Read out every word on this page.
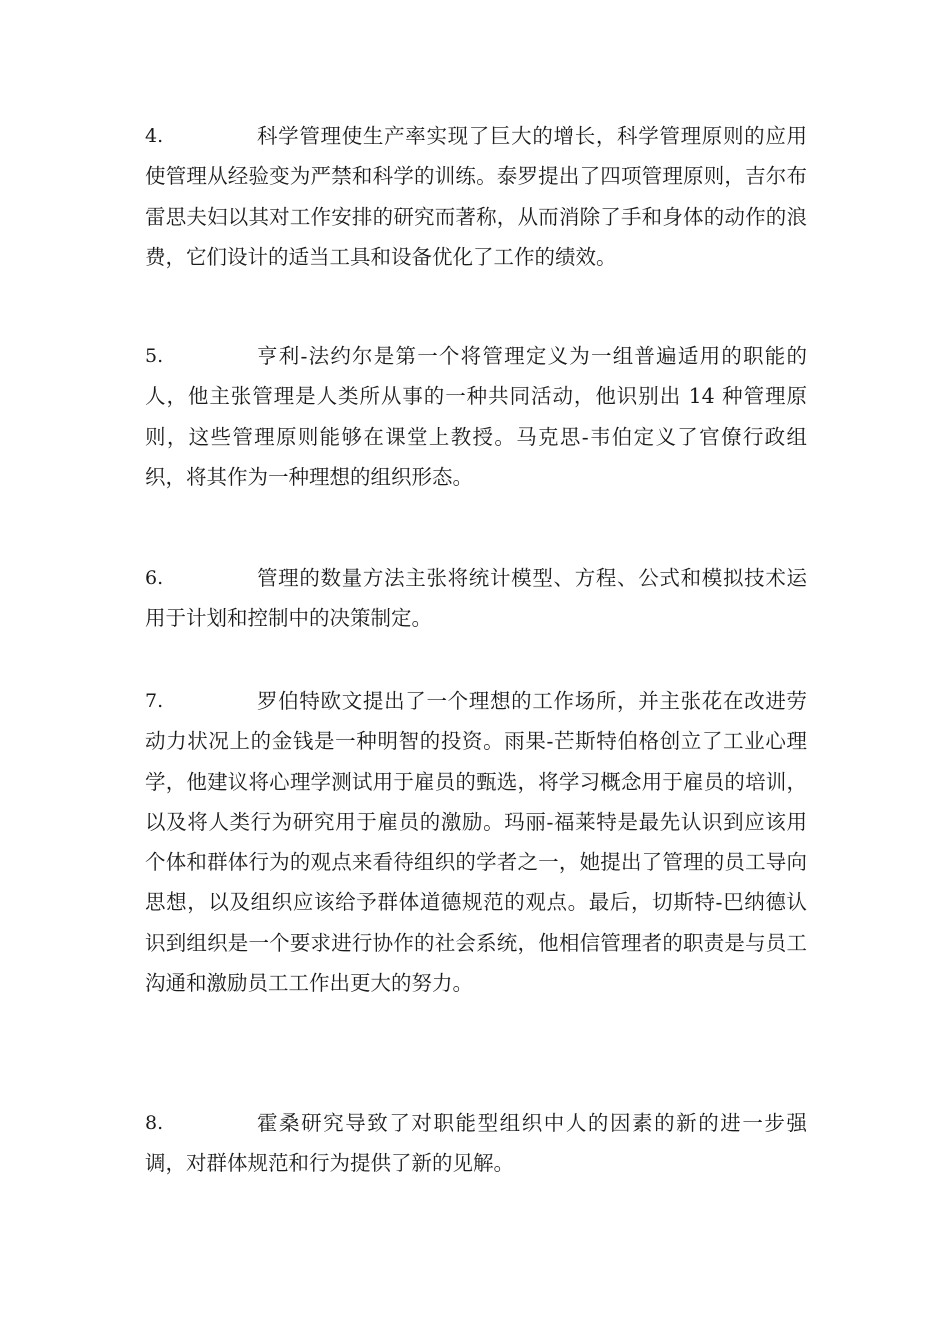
4.	科学管理使生产率实现了巨大的增长，科学管理原则的应用使管理从经验变为严禁和科学的训练。泰罗提出了四项管理原则，吉尔布雷思夫妇以其对工作安排的研究而著称，从而消除了手和身体的动作的浪费，它们设计的适当工具和设备优化了工作的绩效。

5.	亨利-法约尔是第一个将管理定义为一组普遍适用的职能的人，他主张管理是人类所从事的一种共同活动，他识别出 14 种管理原则，这些管理原则能够在课堂上教授。马克思-韦伯定义了官僚行政组织，将其作为一种理想的组织形态。

6.	管理的数量方法主张将统计模型、方程、公式和模拟技术运用于计划和控制中的决策制定。

7.	罗伯特欧文提出了一个理想的工作场所，并主张花在改进劳动力状况上的金钱是一种明智的投资。雨果-芒斯特伯格创立了工业心理学，他建议将心理学测试用于雇员的甄选，将学习概念用于雇员的培训，以及将人类行为研究用于雇员的激励。玛丽-福莱特是最先认识到应该用个体和群体行为的观点来看待组织的学者之一，她提出了管理的员工导向思想，以及组织应该给予群体道德规范的观点。最后，切斯特-巴纳德认识到组织是一个要求进行协作的社会系统，他相信管理者的职责是与员工沟通和激励员工工作出更大的努力。

8.	霍桑研究导致了对职能型组织中人的因素的新的进一步强调，对群体规范和行为提供了新的见解。
